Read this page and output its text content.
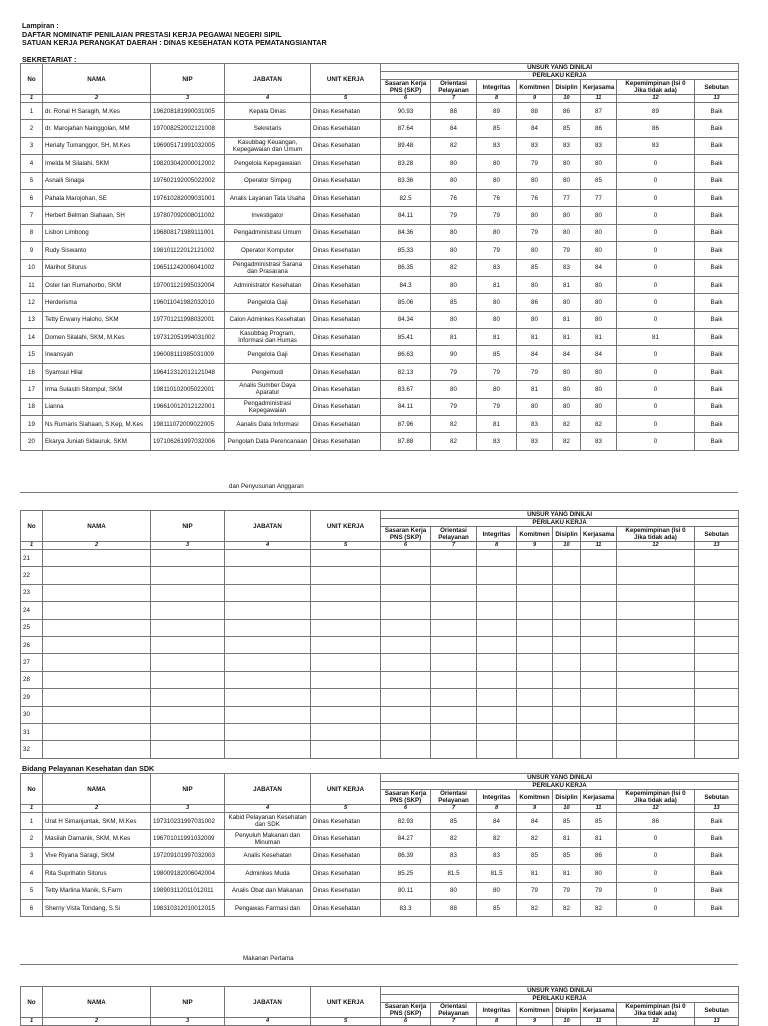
Lampiran :
DAFTAR NOMINATIF PENILAIAN PRESTASI KERJA PEGAWAI NEGERI SIPIL
SATUAN KERJA PERANGKAT DAERAH : DINAS KESEHATAN KOTA PEMATANGSIANTAR
SEKRETARIAT :
No	NAMA	NIP	JABATAN	UNIT KERJA	UNSUR YANG DINILAI							
					PERILAKU KERJA							
					Sasaran Kerja PNS (SKP)	Orientasi Pelayanan	Integritas	Komitmen	Disiplin	Kerjasama	Kepemimpinan (Isi 0 Jika tidak ada)	Sebutan
1	2	3	4	5	6	7	8	9	10	11	12	13
1	dr. Ronal H Saragih, M.Kes	196208181990031005	Kepala Dinas	Dinas Kesehatan	90.93	88	89	88	86	87	89	Baik
2	dr. Marojahan Nainggolan, MM	197008252002121008	Sekretaris	Dinas Kesehatan	87.64	84	85	84	85	86	86	Baik
3	Heriaty Tumanggor, SH, M.Kes	196905171991032005	Kasubbag Keuangan, Kepegawaian dan Umum	Dinas Kesehatan	89.48	82	83	83	83	83	83	Baik
4	Imelda M Silalahi, SKM	198203042000012002	Pengelola Kepegawaian	Dinas Kesehatan	83.28	80	80	79	80	80	0	Baik
5	Asnaili Sinaga	197602192005022002	Operator Simpeg	Dinas Kesehatan	83.36	80	80	80	80	85	0	Baik
6	Pahala Marojohan, SE	197610282009031001	Analis Layanan Tata Usaha	Dinas Kesehatan	82.5	76	76	76	77	77	0	Baik
7	Herbert Belman Siahaan, SH	197807092008011002	Investigator	Dinas Kesehatan	84.11	79	79	80	80	80	0	Baik
8	Lisbon Limbong	196808171989111001	Pengadministrasi Umum	Dinas Kesehatan	84.36	80	80	79	80	80	0	Baik
9	Rudy Siswanto	198101122012121002	Operator Komputer	Dinas Kesehatan	85.33	80	79	80	79	80	0	Baik
10	Marihot Sitorus	196511242006041002	Pengadministrasi Sarana dan Prasarana	Dinas Kesehatan	86.35	82	83	85	83	84	0	Baik
11	Oster Ian Rumahorbo, SKM	197001121995032004	Administrator Kesehatan	Dinas Kesehatan	84.3	80	81	80	81	80	0	Baik
12	Herderisma	196011041982032010	Pengelola Gaji	Dinas Kesehatan	85.06	85	80	86	80	80	0	Baik
13	Tetty Erwany Haloho, SKM	197701211998032001	Calon Adminkes Kesehatan	Dinas Kesehatan	84.34	80	80	80	81	80	0	Baik
14	Domen Silalahi, SKM, M.Kes	197312051994031002	Kasubbag Program, Informasi dan Humas	Dinas Kesehatan	85.41	81	81	81	81	81	81	Baik
15	Irwansyah	196008111985031009	Pengelola Gaji	Dinas Kesehatan	86.63	90	85	84	84	84	0	Baik
16	Syamsul Hilal	196412312012121048	Pengemudi	Dinas Kesehatan	82.13	79	79	79	80	80	0	Baik
17	Irma Sulastri Sitompul, SKM	198110102005022001	Analis Sumber Daya Aparatur	Dinas Kesehatan	83.67	80	80	81	80	80	0	Baik
18	Lianna	196610012012122001	Pengadministrasi Kepegawaian	Dinas Kesehatan	84.11	79	79	80	80	80	0	Baik
19	Ns Rumaris Siahaan, S.Kep, M.Kes	198111072009022005	Aanalis Data Informasi	Dinas Kesehatan	87.96	82	81	83	82	82	0	Baik
20	Ekarya Juniati Sidauruk, SKM	197106261997032006	Pengolah Data Perencanaan	Dinas Kesehatan	87.88	82	83	83	82	83	0	Baik
dan Penyusunan Anggaran
No	NAMA	NIP	JABATAN	UNIT KERJA	UNSUR YANG DINILAI							
					PERILAKU KERJA							
					Sasaran Kerja PNS (SKP)	Orientasi Pelayanan	Integritas	Komitmen	Disiplin	Kerjasama	Kepemimpinan (Isi 0 Jika tidak ada)	Sebutan
1	2	3	4	5	6	7	8	9	10	11	12	13
21												
22												
23												
24												
25												
26												
27												
28												
29												
30												
31												
32												
Bidang Pelayanan Kesehatan dan SDK
No	NAMA	NIP	JABATAN	UNIT KERJA	UNSUR YANG DINILAI							
					PERILAKU KERJA							
					Sasaran Kerja PNS (SKP)	Orientasi Pelayanan	Integritas	Komitmen	Disiplin	Kerjasama	Kepemimpinan (Isi 0 Jika tidak ada)	Sebutan
1	2	3	4	5	6	7	8	9	10	11	12	13
1	Urat H Simanjuntak, SKM, M.Kes	197310231997031002	Kabid Pelayanan Kesehatan dan SDK	Dinas Kesehatan	82.93	85	84	84	85	85	86	Baik
2	Masilah Damanik, SKM, M.Kes	196701011991032009	Penyuluh Makanan dan Minuman	Dinas Kesehatan	84.27	82	82	82	81	81	0	Baik
3	Vive Riyana Saragi, SKM	197209101997032003	Analis Kesehatan	Dinas Kesehatan	86.39	83	83	85	85	86	0	Baik
4	Rita Suprihatin Sitorus	198009182006042004	Adminkes Muda	Dinas Kesehatan	85.25	81.5	81.5	81	81	80	0	Baik
5	Tetty Marlina Manik, S.Farm	198903112011012011	Analis Obat dan Makanan	Dinas Kesehatan	80.11	80	80	79	79	79	0	Baik
6	Sherny Vista Tondang, S.Si	198310312010012015	Pengawas Farmasi dan	Dinas Kesehatan	83.3	88	85	82	82	82	0	Baik
Makanan Pertama
No	NAMA	NIP	JABATAN	UNIT KERJA	UNSUR YANG DINILAI							
					PERILAKU KERJA							
					Sasaran Kerja PNS (SKP)	Orientasi Pelayanan	Integritas	Komitmen	Disiplin	Kerjasama	Kepemimpinan (Isi 0 Jika tidak ada)	Sebutan
1	2	3	4	5	6	7	8	9	10	11	12	13
